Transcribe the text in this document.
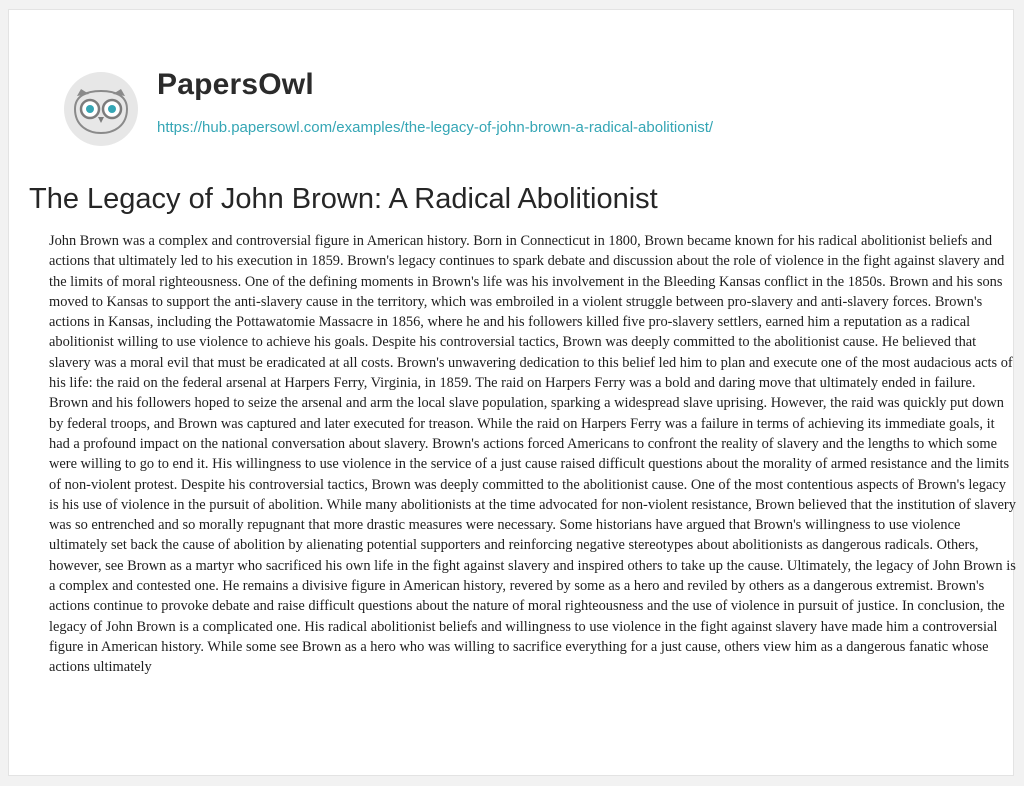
PapersOwl
https://hub.papersowl.com/examples/the-legacy-of-john-brown-a-radical-abolitionist/
The Legacy of John Brown: A Radical Abolitionist

John Brown was a complex and controversial figure in American history. Born in Connecticut in 1800, Brown became known for his radical abolitionist beliefs and actions that ultimately led to his execution in 1859. Brown's legacy continues to spark debate and discussion about the role of violence in the fight against slavery and the limits of moral righteousness. One of the defining moments in Brown's life was his involvement in the Bleeding Kansas conflict in the 1850s. Brown and his sons moved to Kansas to support the anti-slavery cause in the territory, which was embroiled in a violent struggle between pro-slavery and anti-slavery forces. Brown's actions in Kansas, including the Pottawatomie Massacre in 1856, where he and his followers killed five pro-slavery settlers, earned him a reputation as a radical abolitionist willing to use violence to achieve his goals. Despite his controversial tactics, Brown was deeply committed to the abolitionist cause. He believed that slavery was a moral evil that must be eradicated at all costs. Brown's unwavering dedication to this belief led him to plan and execute one of the most audacious acts of his life: the raid on the federal arsenal at Harpers Ferry, Virginia, in 1859. The raid on Harpers Ferry was a bold and daring move that ultimately ended in failure. Brown and his followers hoped to seize the arsenal and arm the local slave population, sparking a widespread slave uprising. However, the raid was quickly put down by federal troops, and Brown was captured and later executed for treason. While the raid on Harpers Ferry was a failure in terms of achieving its immediate goals, it had a profound impact on the national conversation about slavery. Brown's actions forced Americans to confront the reality of slavery and the lengths to which some were willing to go to end it. His willingness to use violence in the service of a just cause raised difficult questions about the morality of armed resistance and the limits of non-violent protest. Despite his controversial tactics, Brown was deeply committed to the abolitionist cause. One of the most contentious aspects of Brown's legacy is his use of violence in the pursuit of abolition. While many abolitionists at the time advocated for non-violent resistance, Brown believed that the institution of slavery was so entrenched and so morally repugnant that more drastic measures were necessary. Some historians have argued that Brown's willingness to use violence ultimately set back the cause of abolition by alienating potential supporters and reinforcing negative stereotypes about abolitionists as dangerous radicals. Others, however, see Brown as a martyr who sacrificed his own life in the fight against slavery and inspired others to take up the cause. Ultimately, the legacy of John Brown is a complex and contested one. He remains a divisive figure in American history, revered by some as a hero and reviled by others as a dangerous extremist. Brown's actions continue to provoke debate and raise difficult questions about the nature of moral righteousness and the use of violence in pursuit of justice. In conclusion, the legacy of John Brown is a complicated one. His radical abolitionist beliefs and willingness to use violence in the fight against slavery have made him a controversial figure in American history. While some see Brown as a hero who was willing to sacrifice everything for a just cause, others view him as a dangerous fanatic whose actions ultimately
